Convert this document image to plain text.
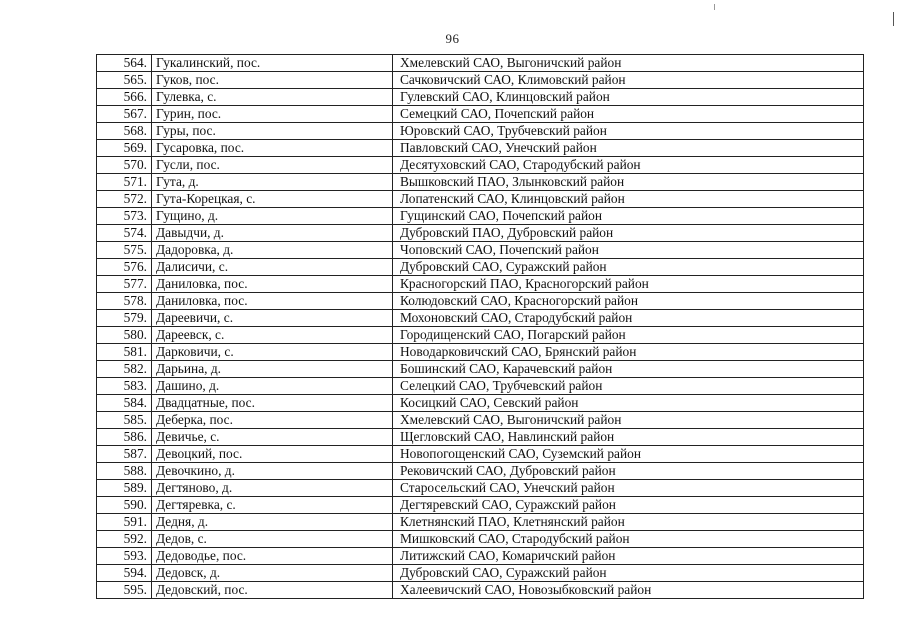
96
564.	Гукалинский, пос.	Хмелевский САО, Выгоничский район
565.	Гуков, пос.	Сачковичский САО, Климовский район
566.	Гулевка, с.	Гулевский САО, Клинцовский район
567.	Гурин, пос.	Семецкий САО, Почепский район
568.	Гуры, пос.	Юровский САО, Трубчевский район
569.	Гусаровка, пос.	Павловский САО, Унечский район
570.	Гусли, пос.	Десятуховский САО, Стародубский район
571.	Гута, д.	Вышковский ПАО, Злынковский район
572.	Гута-Корецкая, с.	Лопатенский САО, Клинцовский район
573.	Гущино, д.	Гущинский САО, Почепский район
574.	Давыдчи, д.	Дубровский ПАО, Дубровский район
575.	Дадоровка, д.	Чоповский САО, Почепский район
576.	Далисичи, с.	Дубровский САО, Суражский район
577.	Даниловка, пос.	Красногорский ПАО, Красногорский район
578.	Даниловка, пос.	Колюдовский САО, Красногорский район
579.	Дареевичи, с.	Мохоновский САО, Стародубский район
580.	Дареевск, с.	Городищенский САО, Погарский район
581.	Дарковичи, с.	Новодарковичский САО, Брянский район
582.	Дарьина, д.	Бошинский САО, Карачевский район
583.	Дашино, д.	Селецкий САО, Трубчевский район
584.	Двадцатные, пос.	Косицкий САО, Севский район
585.	Деберка, пос.	Хмелевский САО, Выгоничский район
586.	Девичье, с.	Щегловский САО, Навлинский район
587.	Девоцкий, пос.	Новопогощенский САО, Суземский район
588.	Девочкино, д.	Рековичский САО, Дубровский район
589.	Дегтяново, д.	Старосельский САО, Унечский район
590.	Дегтяревка, с.	Дегтяревский САО, Суражский район
591.	Дедня, д.	Клетнянский ПАО, Клетнянский район
592.	Дедов, с.	Мишковский САО, Стародубский район
593.	Дедоводье, пос.	Литижский САО, Комаричский район
594.	Дедовск, д.	Дубровский САО, Суражский район
595.	Дедовский, пос.	Халеевичский САО, Новозыбковский район
